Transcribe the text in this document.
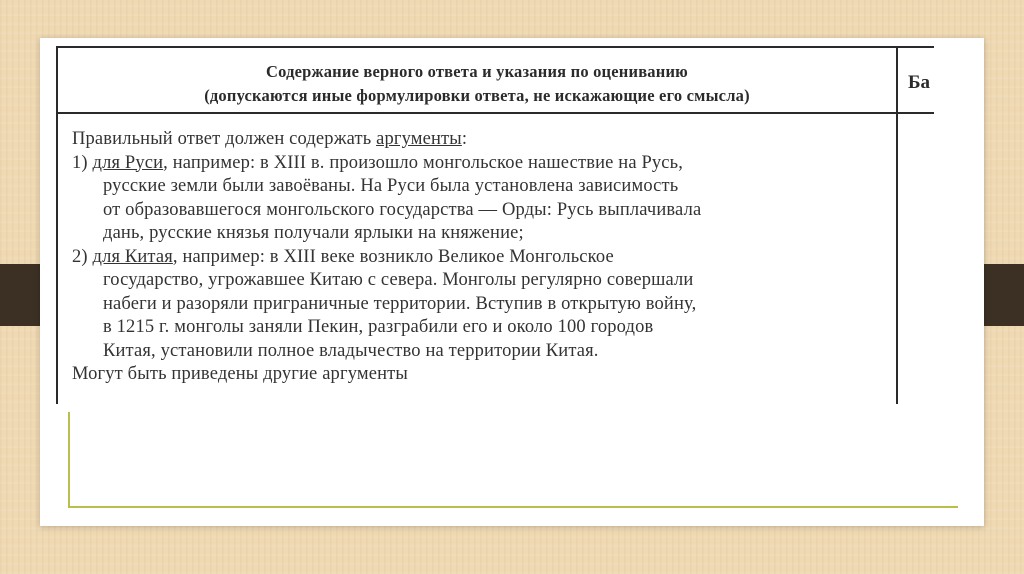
Содержание верного ответа и указания по оцениванию
(допускаются иные формулировки ответа, не искажающие его смысла)
Ба
Правильный ответ должен содержать аргументы:
1) для Руси, например: в XIII в. произошло монгольское нашествие на Русь,
русские земли были завоёваны. На Руси была установлена зависимость
от образовавшегося монгольского государства — Орды: Русь выплачивала
дань, русские князья получали ярлыки на княжение;
2) для Китая, например: в XIII веке возникло Великое Монгольское
государство, угрожавшее Китаю с севера. Монголы регулярно совершали
набеги и разоряли приграничные территории. Вступив в открытую войну,
в 1215 г. монголы заняли Пекин, разграбили его и около 100 городов
Китая, установили полное владычество на территории Китая.
Могут быть приведены другие аргументы
